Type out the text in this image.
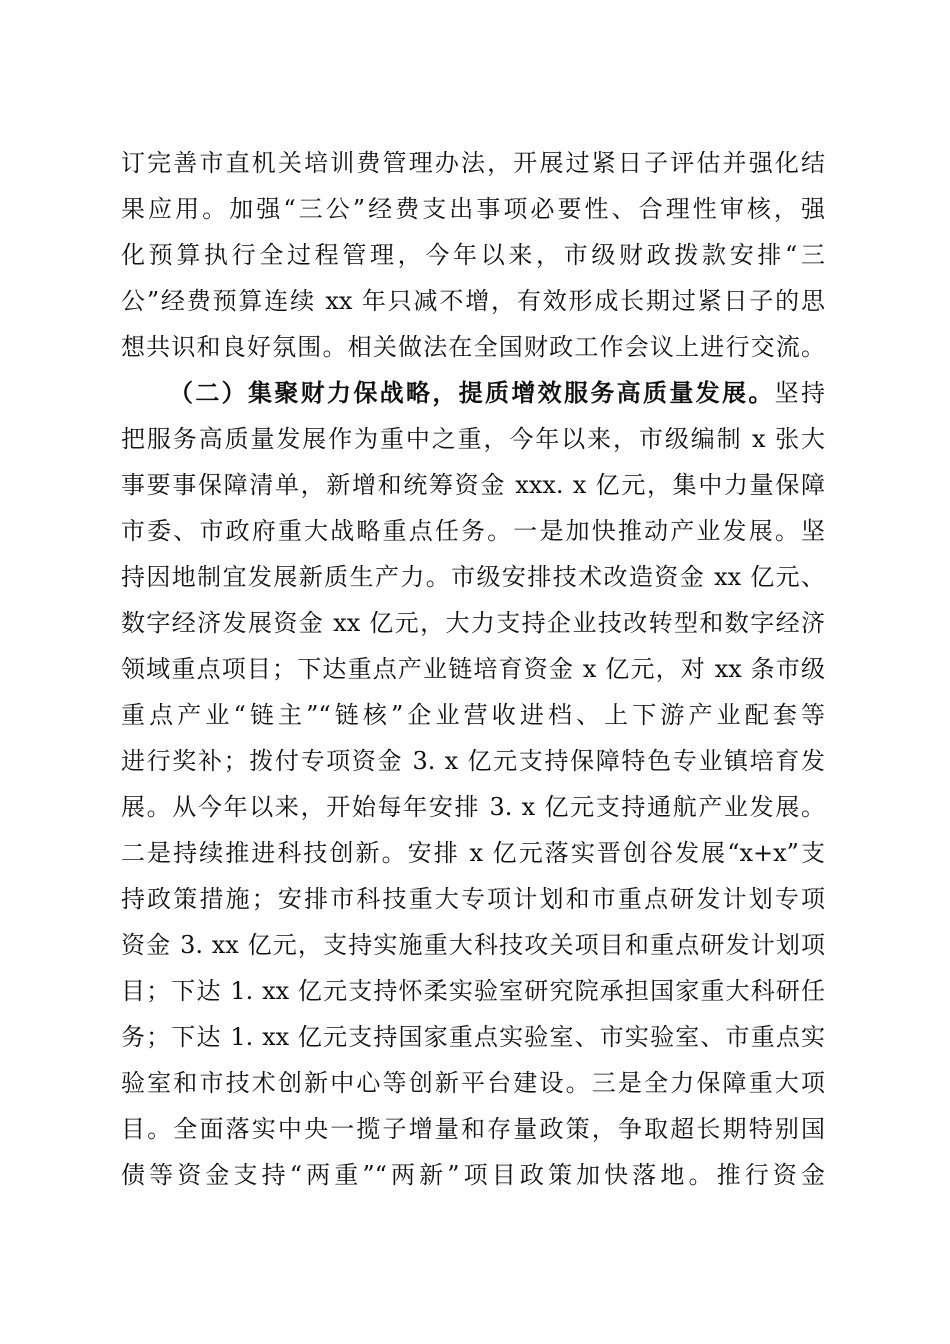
订完善市直机关培训费管理办法，开展过紧日子评估并强化结
果应用。加强“三公”经费支出事项必要性、合理性审核，强
化预算执行全过程管理，今年以来，市级财政拨款安排“三
公”经费预算连续 xx 年只减不增，有效形成长期过紧日子的思
想共识和良好氛围。相关做法在全国财政工作会议上进行交流。
（二）集聚财力保战略，提质增效服务高质量发展。坚持
把服务高质量发展作为重中之重，今年以来，市级编制 x 张大
事要事保障清单，新增和统筹资金 xxx. x 亿元，集中力量保障
市委、市政府重大战略重点任务。一是加快推动产业发展。坚
持因地制宜发展新质生产力。市级安排技术改造资金 xx 亿元、
数字经济发展资金 xx 亿元，大力支持企业技改转型和数字经济
领域重点项目；下达重点产业链培育资金 x 亿元，对 xx 条市级
重点产业“链主”“链核”企业营收进档、上下游产业配套等
进行奖补；拨付专项资金 3. x 亿元支持保障特色专业镇培育发
展。从今年以来，开始每年安排 3. x 亿元支持通航产业发展。
二是持续推进科技创新。安排 x 亿元落实晋创谷发展“x+x”支
持政策措施；安排市科技重大专项计划和市重点研发计划专项
资金 3. xx 亿元，支持实施重大科技攻关项目和重点研发计划项
目；下达 1. xx 亿元支持怀柔实验室研究院承担国家重大科研任
务；下达 1. xx 亿元支持国家重点实验室、市实验室、市重点实
验室和市技术创新中心等创新平台建设。三是全力保障重大项
目。全面落实中央一揽子增量和存量政策，争取超长期特别国
债等资金支持“两重”“两新”项目政策加快落地。推行资金
